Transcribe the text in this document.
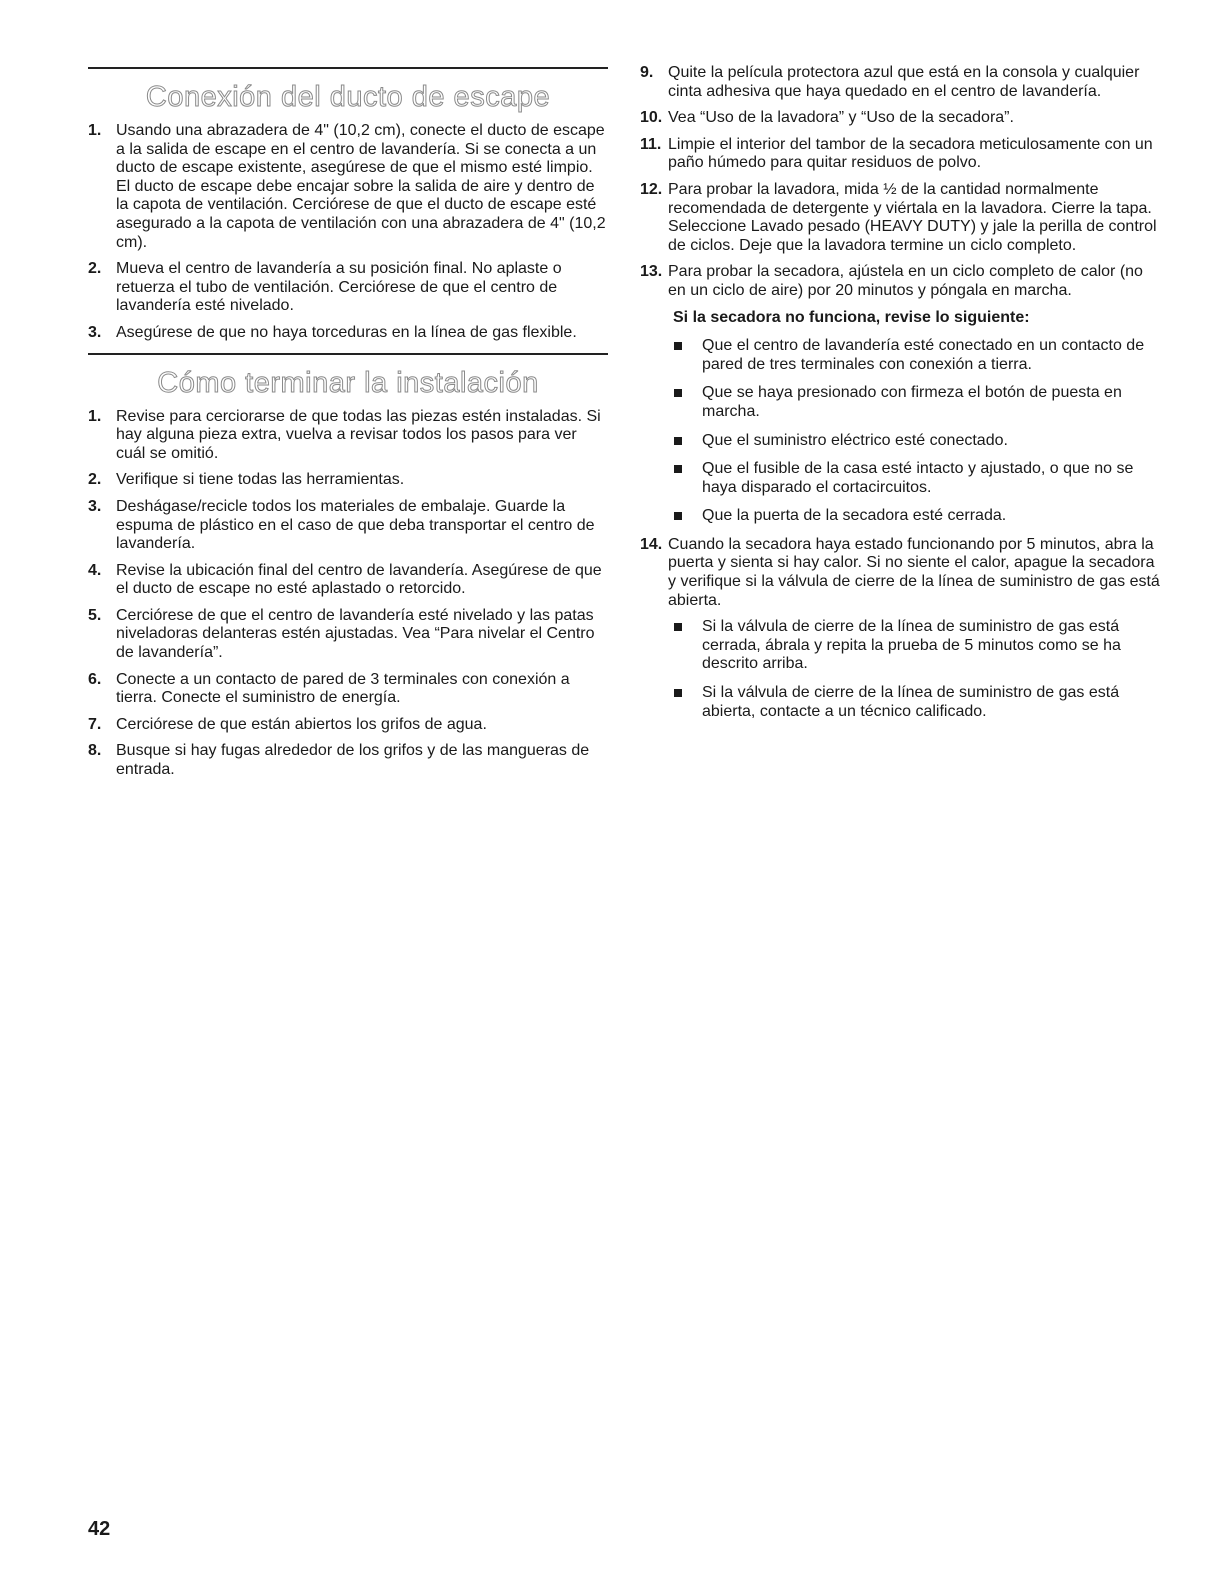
Conexión del ducto de escape
1. Usando una abrazadera de 4" (10,2 cm), conecte el ducto de escape a la salida de escape en el centro de lavandería. Si se conecta a un ducto de escape existente, asegúrese de que el mismo esté limpio. El ducto de escape debe encajar sobre la salida de aire y dentro de la capota de ventilación. Cerciórese de que el ducto de escape esté asegurado a la capota de ventilación con una abrazadera de 4" (10,2 cm).
2. Mueva el centro de lavandería a su posición final. No aplaste o retuerza el tubo de ventilación. Cerciórese de que el centro de lavandería esté nivelado.
3. Asegúrese de que no haya torceduras en la línea de gas flexible.
Cómo terminar la instalación
1. Revise para cerciorarse de que todas las piezas estén instaladas. Si hay alguna pieza extra, vuelva a revisar todos los pasos para ver cuál se omitió.
2. Verifique si tiene todas las herramientas.
3. Deshágase/recicle todos los materiales de embalaje. Guarde la espuma de plástico en el caso de que deba transportar el centro de lavandería.
4. Revise la ubicación final del centro de lavandería. Asegúrese de que el ducto de escape no esté aplastado o retorcido.
5. Cerciórese de que el centro de lavandería esté nivelado y las patas niveladoras delanteras estén ajustadas. Vea “Para nivelar el Centro de lavandería”.
6. Conecte a un contacto de pared de 3 terminales con conexión a tierra. Conecte el suministro de energía.
7. Cerciórese de que están abiertos los grifos de agua.
8. Busque si hay fugas alrededor de los grifos y de las mangueras de entrada.
9. Quite la película protectora azul que está en la consola y cualquier cinta adhesiva que haya quedado en el centro de lavandería.
10. Vea “Uso de la lavadora” y “Uso de la secadora”.
11. Limpie el interior del tambor de la secadora meticulosamente con un paño húmedo para quitar residuos de polvo.
12. Para probar la lavadora, mida ½ de la cantidad normalmente recomendada de detergente y viértala en la lavadora. Cierre la tapa. Seleccione Lavado pesado (HEAVY DUTY) y jale la perilla de control de ciclos. Deje que la lavadora termine un ciclo completo.
13. Para probar la secadora, ajústela en un ciclo completo de calor (no en un ciclo de aire) por 20 minutos y póngala en marcha.
Si la secadora no funciona, revise lo siguiente:
Que el centro de lavandería esté conectado en un contacto de pared de tres terminales con conexión a tierra.
Que se haya presionado con firmeza el botón de puesta en marcha.
Que el suministro eléctrico esté conectado.
Que el fusible de la casa esté intacto y ajustado, o que no se haya disparado el cortacircuitos.
Que la puerta de la secadora esté cerrada.
14. Cuando la secadora haya estado funcionando por 5 minutos, abra la puerta y sienta si hay calor. Si no siente el calor, apague la secadora y verifique si la válvula de cierre de la línea de suministro de gas está abierta.
Si la válvula de cierre de la línea de suministro de gas está cerrada, ábrala y repita la prueba de 5 minutos como se ha descrito arriba.
Si la válvula de cierre de la línea de suministro de gas está abierta, contacte a un técnico calificado.
42
